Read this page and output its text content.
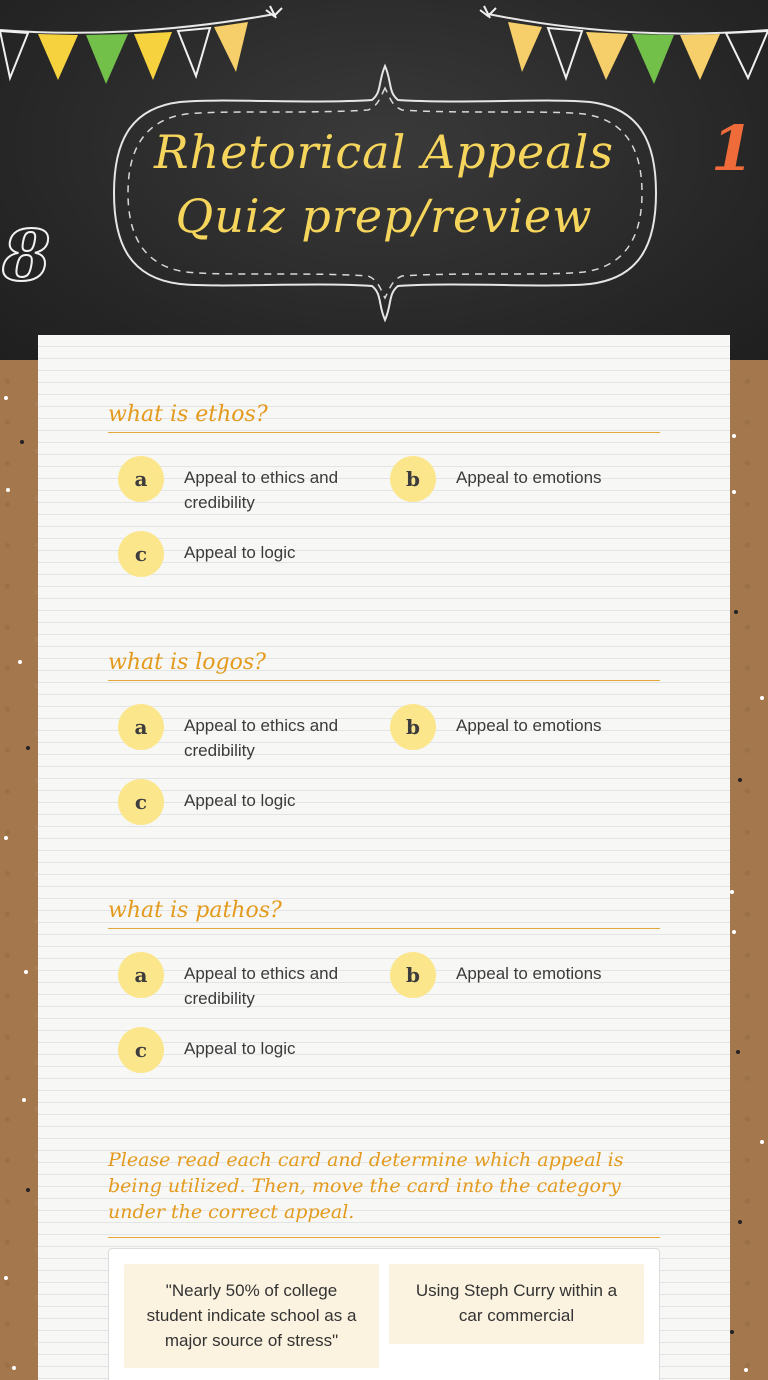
Rhetorical Appeals
Quiz prep/review
1
8
what is ethos?
a	Appeal to ethics and credibility
b	Appeal to emotions
c	Appeal to logic
what is logos?
a	Appeal to ethics and credibility
b	Appeal to emotions
c	Appeal to logic
what is pathos?
a	Appeal to ethics and credibility
b	Appeal to emotions
c	Appeal to logic
Please read each card and determine which appeal is being utilized. Then, move the card into the category under the correct appeal.
"Nearly 50% of college student indicate school as a major source of stress"
Using Steph Curry within a car commercial
